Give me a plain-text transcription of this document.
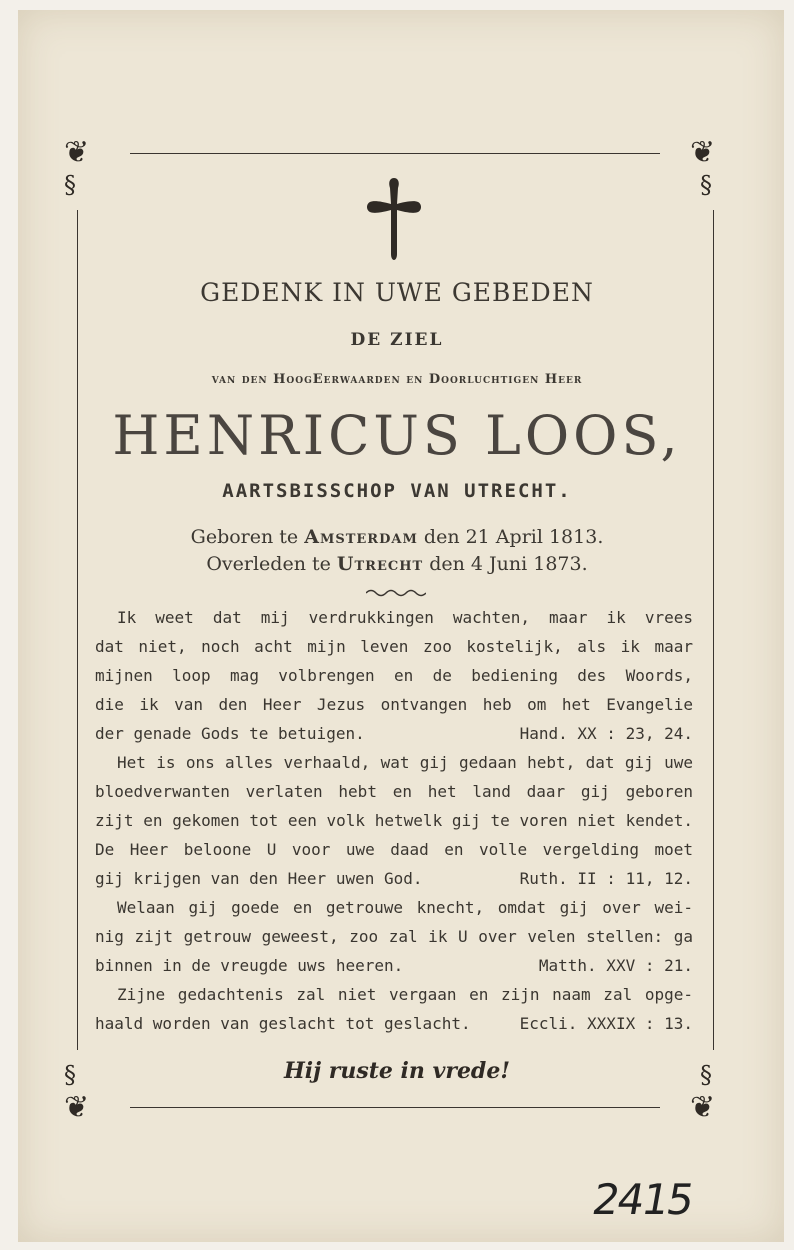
❦
§
❦
§
❦
§
❦
§
GEDENK IN UWE GEBEDEN
DE ZIEL
van den HoogEerwaarden en Doorluchtigen Heer
HENRICUS LOOS,
AARTSBISSCHOP VAN UTRECHT.
Geboren te Amsterdam den 21 April 1813.
Overleden te Utrecht den 4 Juni 1873.

Ik weet dat mij verdrukkingen wachten, maar ik vrees

dat niet, noch acht mijn leven zoo kostelijk, als ik maar

mijnen loop mag volbrengen en de bediening des Woords,

die ik van den Heer Jezus ontvangen heb om het Evangelie

der genade Gods te betuigen.	Hand. XX : 23, 24.

Het is ons alles verhaald, wat gij gedaan hebt, dat gij uwe

bloedverwanten verlaten hebt en het land daar gij geboren

zijt en gekomen tot een volk hetwelk gij te voren niet kendet.

De Heer beloone U voor uwe daad en volle vergelding moet

gij krijgen van den Heer uwen God.	Ruth. II : 11, 12.

Welaan gij goede en getrouwe knecht, omdat gij over wei-

nig zijt getrouw geweest, zoo zal ik U over velen stellen: ga

binnen in de vreugde uws heeren.	Matth. XXV : 21.

Zijne gedachtenis zal niet vergaan en zijn naam zal opge-

haald worden van geslacht tot geslacht.	Eccli. XXXIX : 13.

Hij ruste in vrede!
2415
